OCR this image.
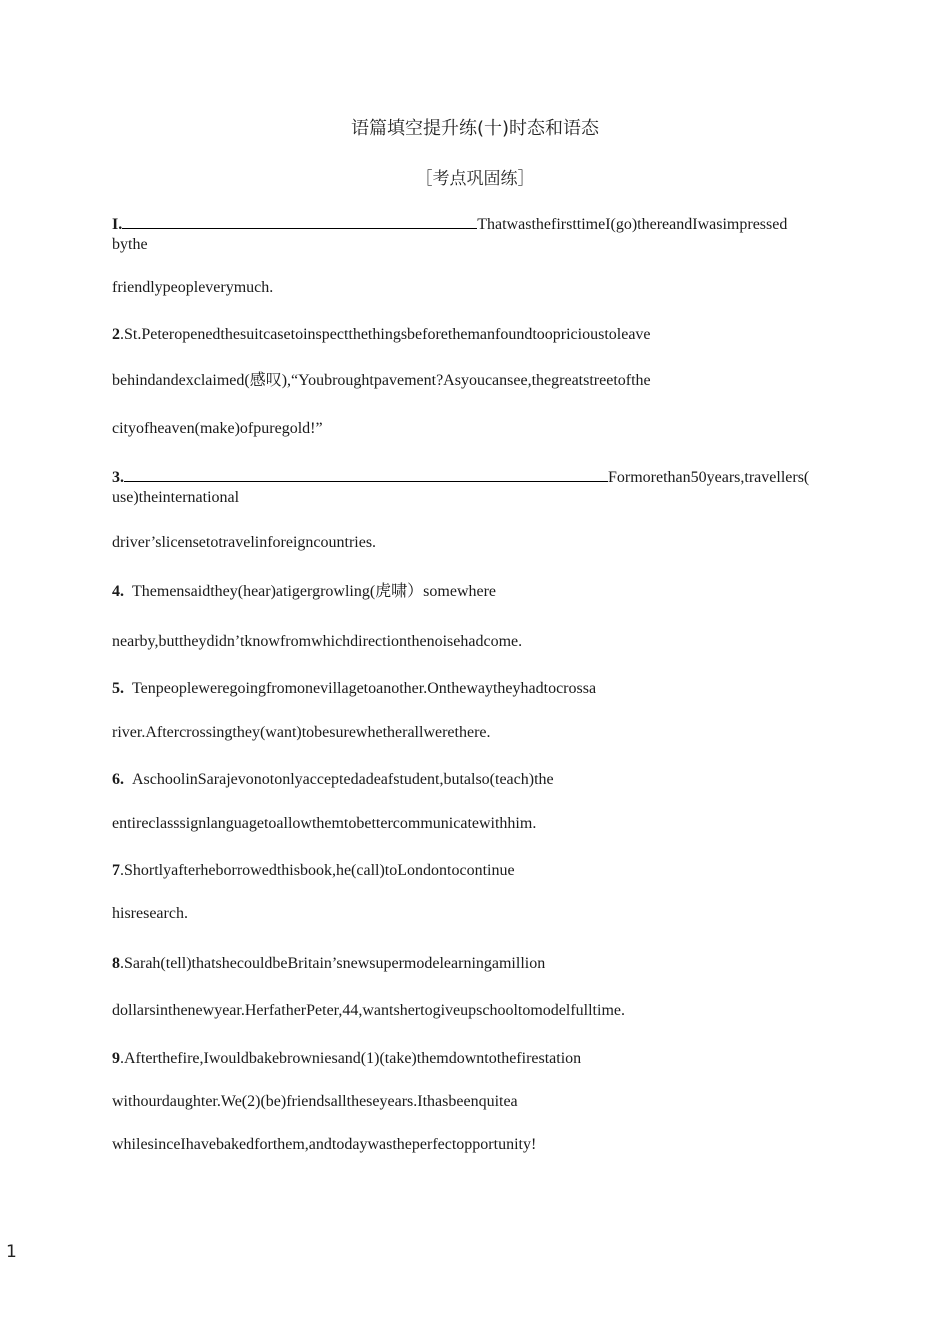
语篇填空提升练(十)时态和语态
［考点巩固练］
I.	ThatwasthefirsttimeI(go)thereandIwasimpressed
bythe
friendlypeopleverymuch.
2.St.Peteropenedthesuitcasetoinspectthethingsbeforethemanfoundtoopricioustoleave
behindandexclaimed(感叹),“Youbroughtpavement?Asyoucansee,thegreatstreetofthe
cityofheaven(make)ofpuregold!”
3.	Formorethan50years,travellers(
use)theinternational
driver’slicensetotravelinforeigncountries.
4. Themensaidthey(hear)atigergrowling(虎啸）somewhere
nearby,buttheydidn’tknowfromwhichdirectionthenoisehadcome.
5. Tenpeopleweregoingfromonevillagetoanother.Onthewaytheyhadtocrossa
river.Aftercrossingthey(want)tobesurewhetherallwerethere.
6. AschoolinSarajevonotonlyacceptedadeafstudent,butalso(teach)the
entireclasssignlanguagetoallowthemtobettercommunicatewithhim.
7.Shortlyafterheborrowedthisbook,he(call)toLondontocontinue
hisresearch.
8.Sarah(tell)thatshecouldbeBritain’snewsupermodelearningamillion
dollarsinthenewyear.HerfatherPeter,44,wantshertogiveupschooltomodelfulltime.
9.Afterthefire,Iwouldbakebrowniesand(1)(take)themdowntothefirestation
withourdaughter.We(2)(be)friendsalltheseyears.Ithasbeenquitea
whilesinceIhavebakedforthem,andtodaywastheperfectopportunity!
1
